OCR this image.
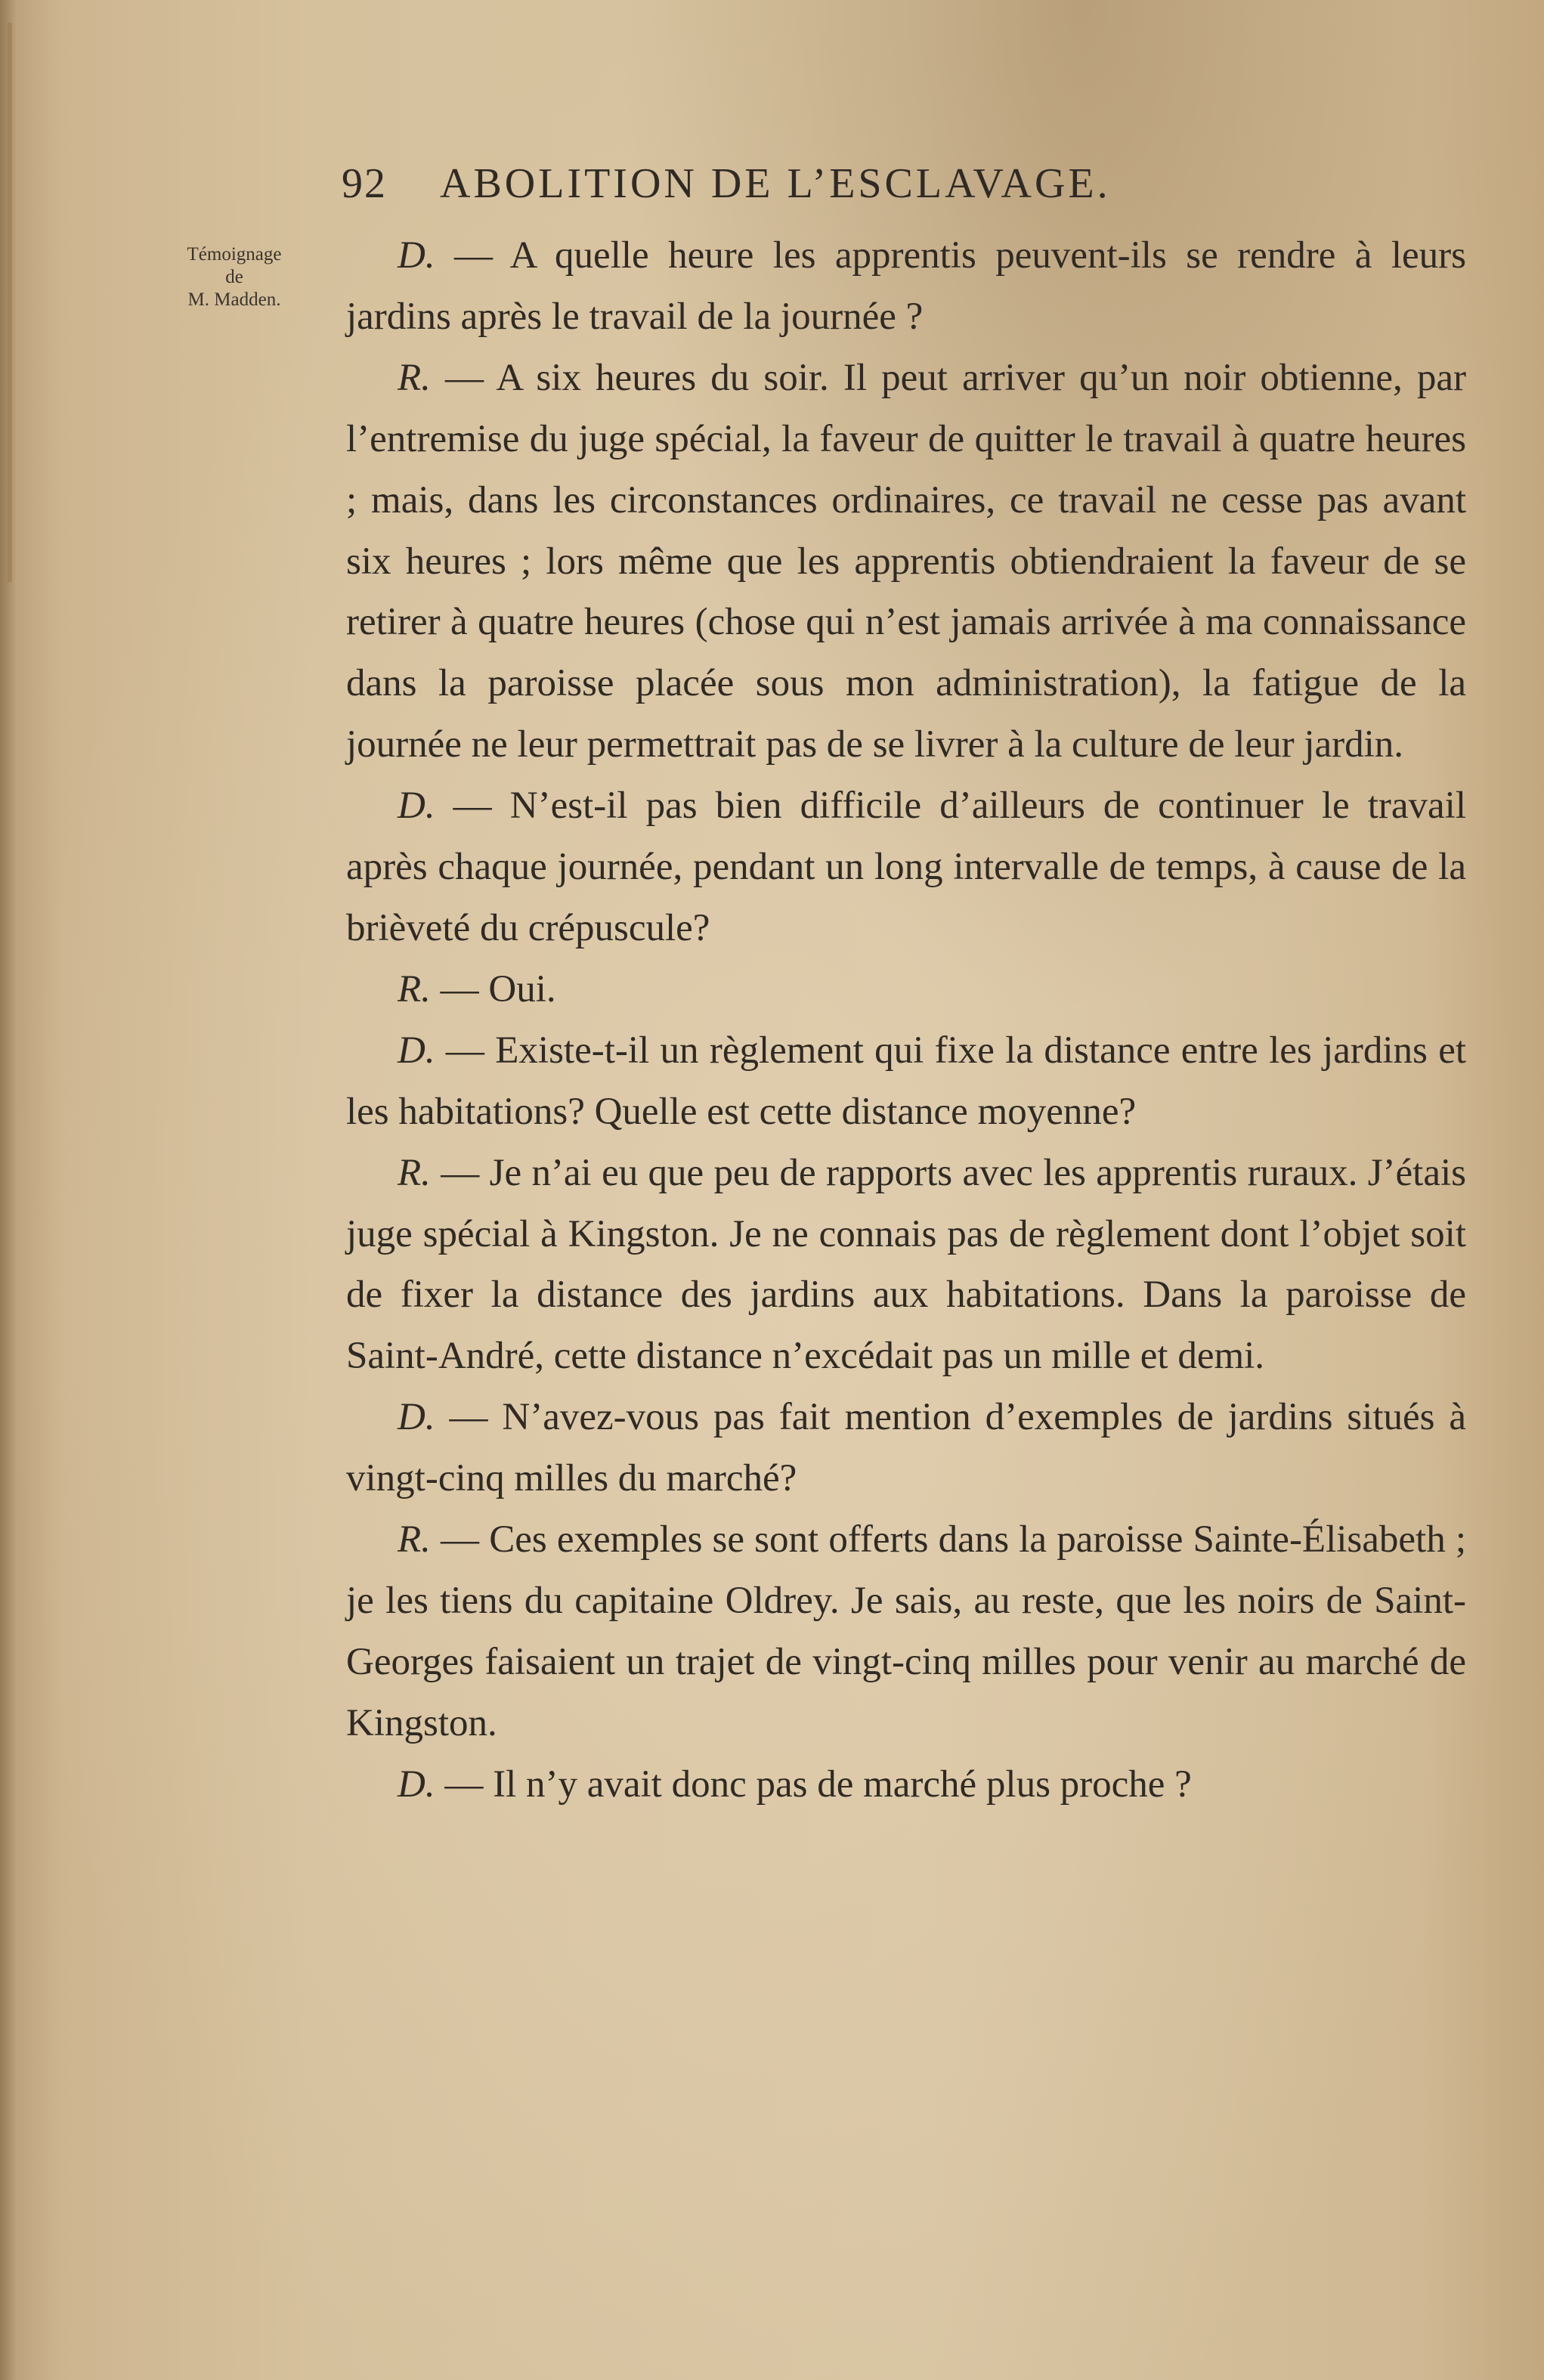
92 ABOLITION DE L’ESCLAVAGE.
Témoignage
de
M. Madden.

D. — A quelle heure les apprentis peuvent-ils se rendre à leurs jardins après le travail de la journée ?

R. — A six heures du soir. Il peut arriver qu’un noir obtienne, par l’entremise du juge spécial, la faveur de quitter le travail à quatre heures ; mais, dans les circonstances ordinaires, ce travail ne cesse pas avant six heures ; lors même que les apprentis obtiendraient la faveur de se retirer à quatre heures (chose qui n’est jamais arrivée à ma connaissance dans la paroisse placée sous mon administration), la fatigue de la journée ne leur permettrait pas de se livrer à la culture de leur jardin.

D. — N’est-il pas bien difficile d’ailleurs de continuer le travail après chaque journée, pendant un long intervalle de temps, à cause de la brièveté du crépuscule?

R. — Oui.

D. — Existe-t-il un règlement qui fixe la distance entre les jardins et les habitations? Quelle est cette distance moyenne?

R. — Je n’ai eu que peu de rapports avec les apprentis ruraux. J’étais juge spécial à Kingston. Je ne connais pas de règlement dont l’objet soit de fixer la distance des jardins aux habitations. Dans la paroisse de Saint-André, cette distance n’excédait pas un mille et demi.

D. — N’avez-vous pas fait mention d’exemples de jardins situés à vingt-cinq milles du marché?

R. — Ces exemples se sont offerts dans la paroisse Sainte-Élisabeth ; je les tiens du capitaine Oldrey. Je sais, au reste, que les noirs de Saint-Georges faisaient un trajet de vingt-cinq milles pour venir au marché de Kingston.

D. — Il n’y avait donc pas de marché plus proche ?
